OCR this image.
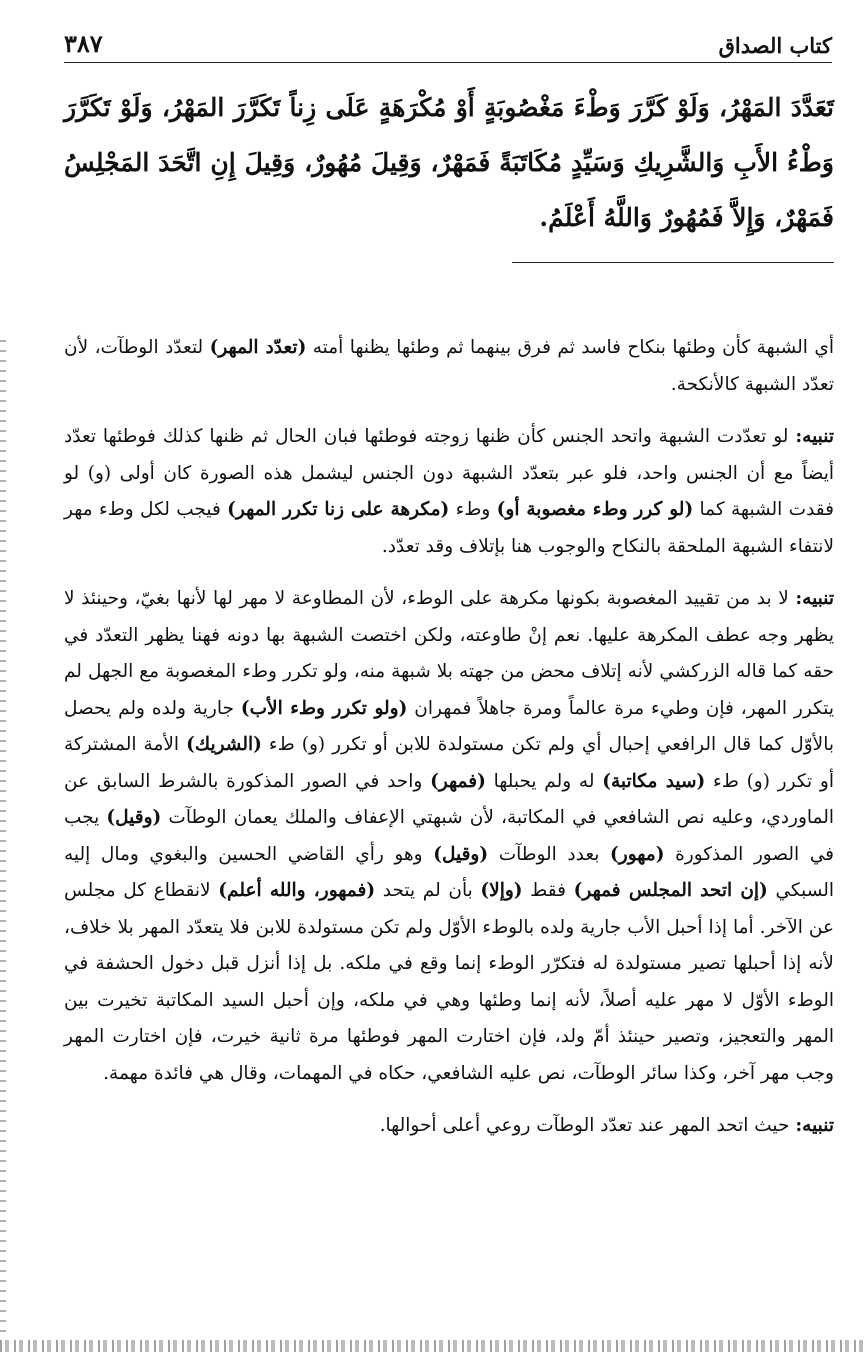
كتاب الصداق
٣٨٧
تَعَدَّدَ المَهْرُ، وَلَوْ كَرَّرَ وَطْءَ مَغْصُوبَةٍ أَوْ مُكْرَهَةٍ عَلَى زِناً تَكَرَّرَ المَهْرُ، وَلَوْ تَكَرَّرَ وَطْءُ الأَبِ وَالشَّرِيكِ وَسَيِّدٍ مُكَاتَبَةً فَمَهْرٌ، وَقِيلَ مُهُورٌ، وَقِيلَ إِنِ اتَّحَدَ المَجْلِسُ فَمَهْرٌ، وَإِلاَّ فَمُهُورٌ وَاللَّهُ أَعْلَمُ.

أي الشبهة كأن وطئها بنكاح فاسد ثم فرق بينهما ثم وطئها يظنها أمته (تعدّد المهر) لتعدّد الوطآت، لأن تعدّد الشبهة كالأنكحة.

تنبيه: لو تعدّدت الشبهة واتحد الجنس كأن ظنها زوجته فوطئها فبان الحال ثم ظنها كذلك فوطئها تعدّد أيضاً مع أن الجنس واحد، فلو عبر بتعدّد الشبهة دون الجنس ليشمل هذه الصورة كان أولى (و) لو فقدت الشبهة كما (لو كرر وطء مغصوبة أو) وطء (مكرهة على زنا تكرر المهر) فيجب لكل وطء مهر لانتفاء الشبهة الملحقة بالنكاح والوجوب هنا بإتلاف وقد تعدّد.

تنبيه: لا بد من تقييد المغصوبة بكونها مكرهة على الوطء، لأن المطاوعة لا مهر لها لأنها بغيّ، وحينئذ لا يظهر وجه عطف المكرهة عليها. نعم إنْ طاوعته، ولكن اختصت الشبهة بها دونه فهنا يظهر التعدّد في حقه كما قاله الزركشي لأنه إتلاف محض من جهته بلا شبهة منه، ولو تكرر وطء المغصوبة مع الجهل لم يتكرر المهر، فإن وطيء مرة عالماً ومرة جاهلاً فمهران (ولو تكرر وطء الأب) جارية ولده ولم يحصل بالأوّل كما قال الرافعي إحبال أي ولم تكن مستولدة للابن أو تكرر (و) طء (الشريك) الأمة المشتركة أو تكرر (و) طء (سيد مكاتبة) له ولم يحبلها (فمهر) واحد في الصور المذكورة بالشرط السابق عن الماوردي، وعليه نص الشافعي في المكاتبة، لأن شبهتي الإعفاف والملك يعمان الوطآت (وقيل) يجب في الصور المذكورة (مهور) بعدد الوطآت (وقيل) وهو رأي القاضي الحسين والبغوي ومال إليه السبكي (إن اتحد المجلس فمهر) فقط (وإلا) بأن لم يتحد (فمهور، والله أعلم) لانقطاع كل مجلس عن الآخر. أما إذا أحبل الأب جارية ولده بالوطء الأوّل ولم تكن مستولدة للابن فلا يتعدّد المهر بلا خلاف، لأنه إذا أحبلها تصير مستولدة له فتكرّر الوطء إنما وقع في ملكه. بل إذا أنزل قبل دخول الحشفة في الوطء الأوّل لا مهر عليه أصلاً، لأنه إنما وطئها وهي في ملكه، وإن أحبل السيد المكاتبة تخيرت بين المهر والتعجيز، وتصير حينئذ أمّ ولد، فإن اختارت المهر فوطئها مرة ثانية خيرت، فإن اختارت المهر وجب مهر آخر، وكذا سائر الوطآت، نص عليه الشافعي، حكاه في المهمات، وقال هي فائدة مهمة.

تنبيه: حيث اتحد المهر عند تعدّد الوطآت روعي أعلى أحوالها.
